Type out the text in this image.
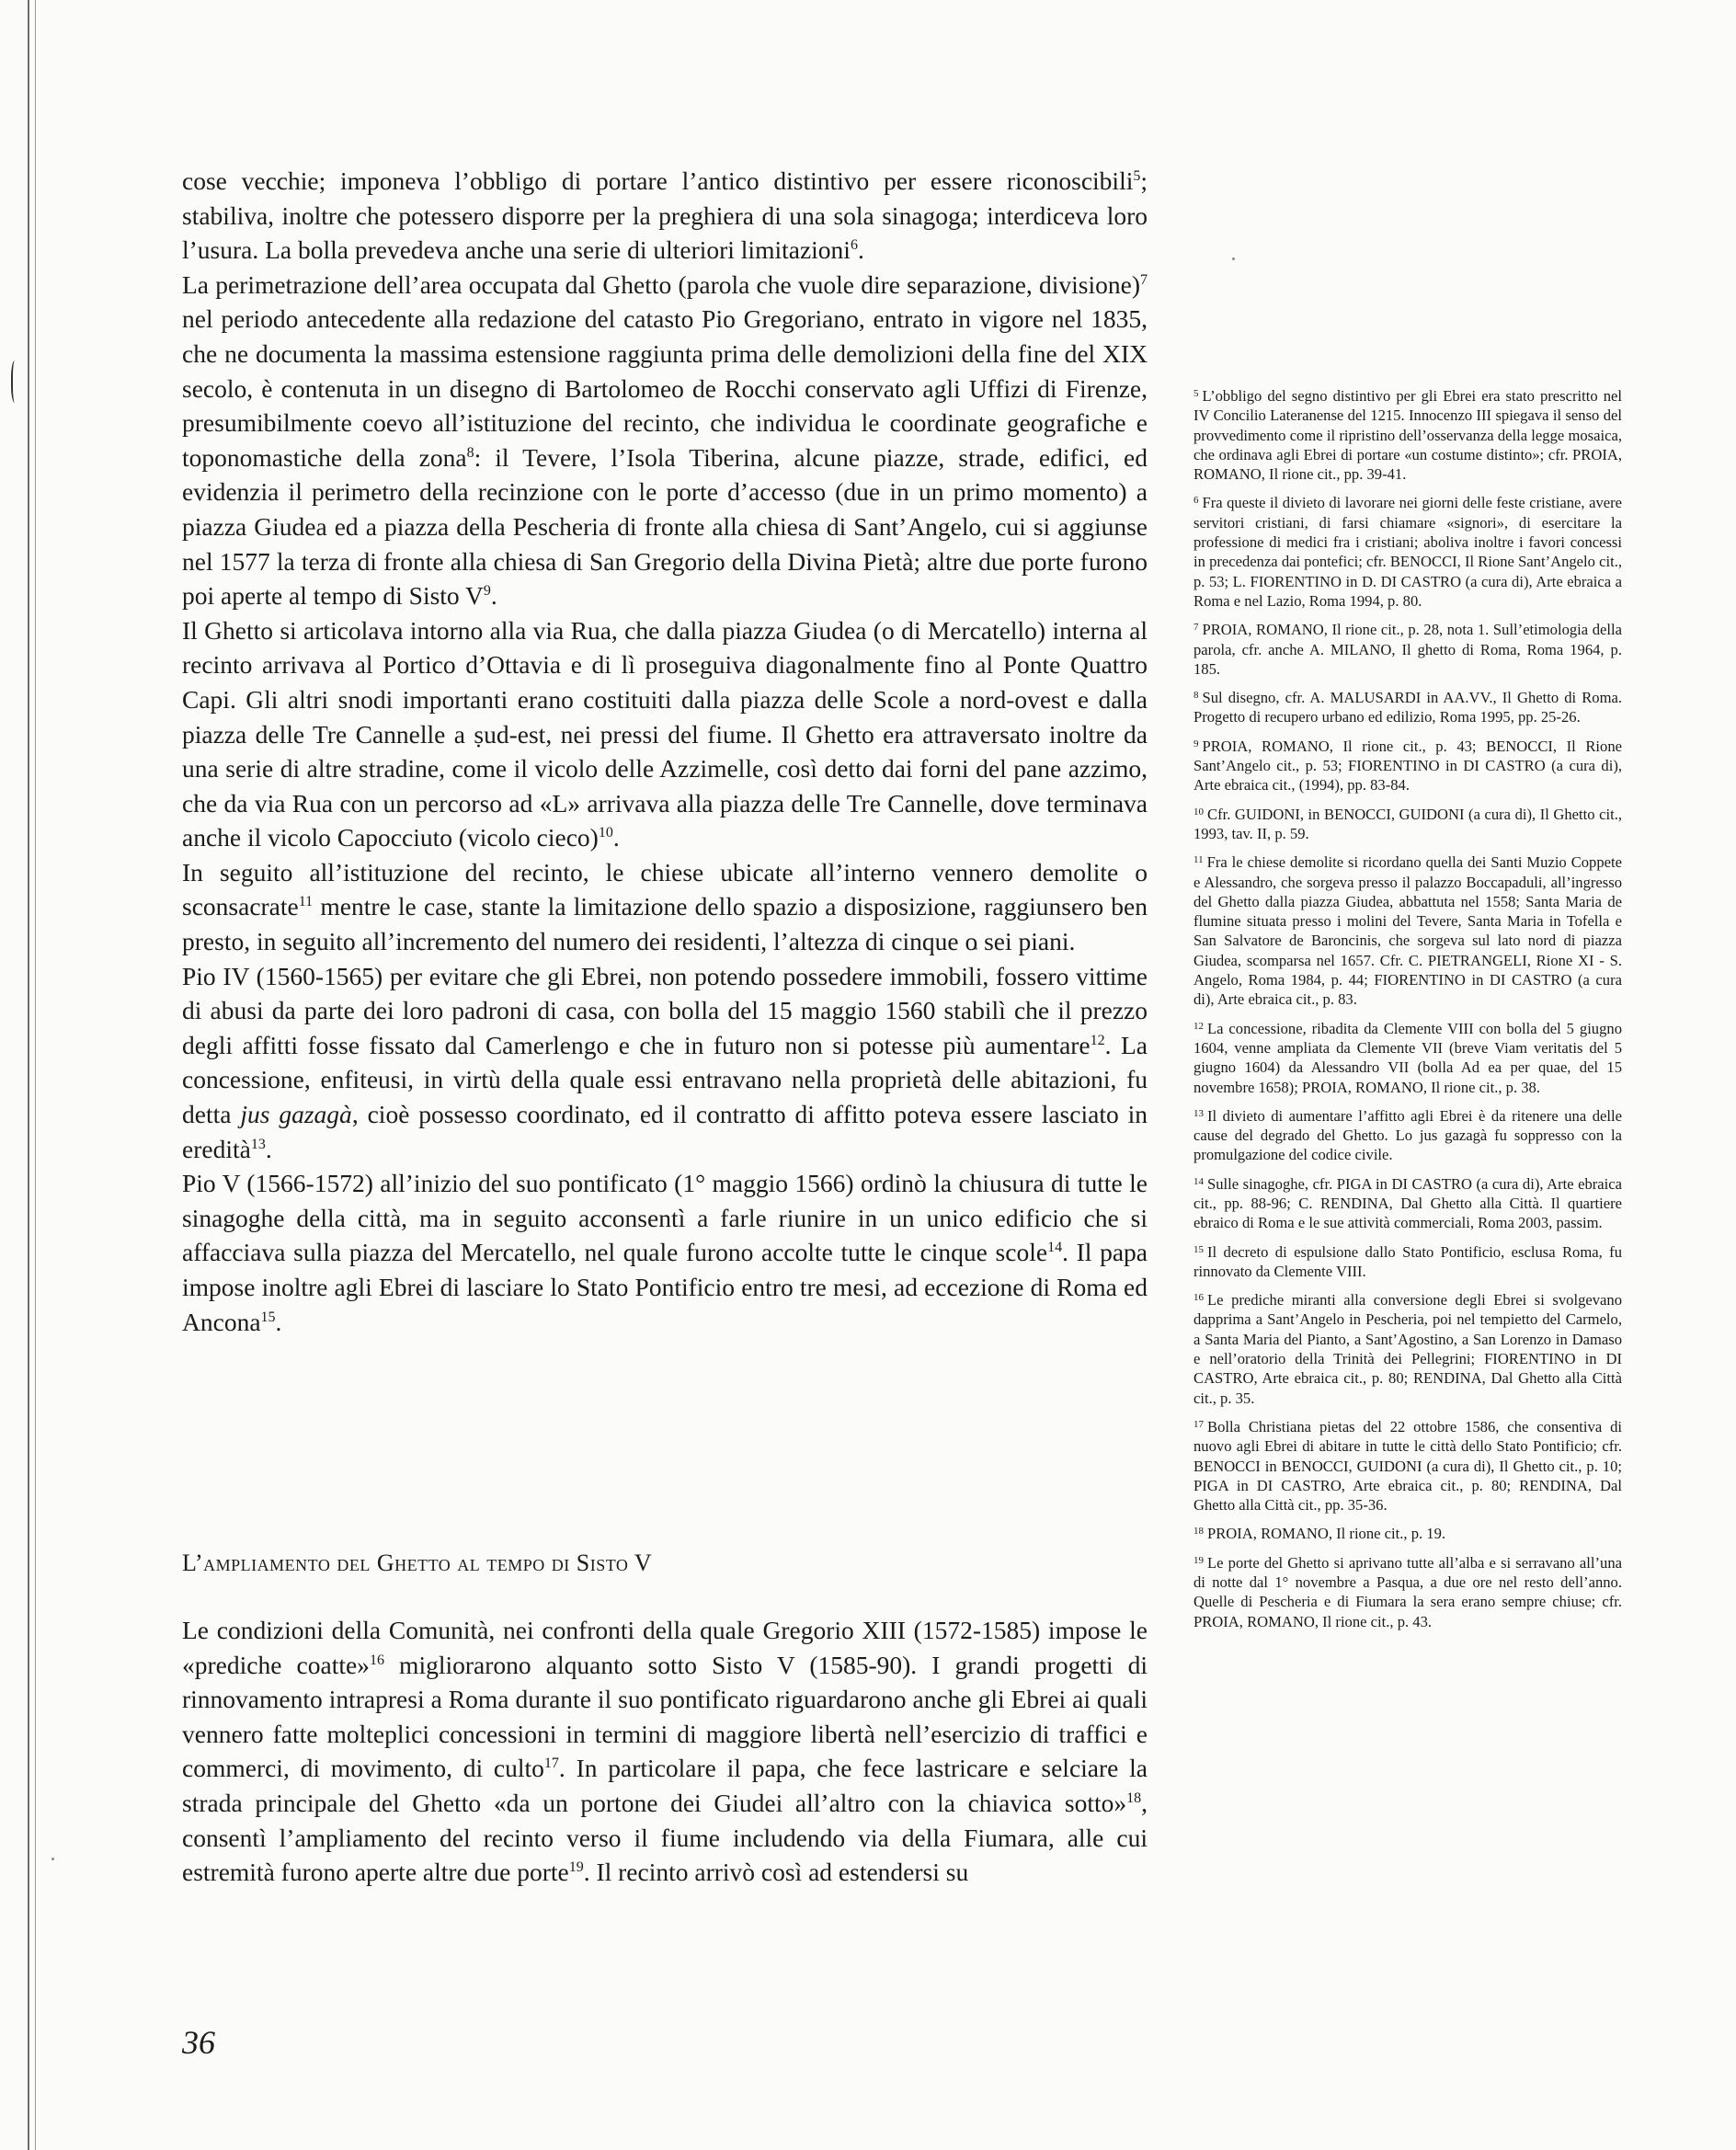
cose vecchie; imponeva l’obbligo di portare l’antico distintivo per essere riconoscibili$^5$; stabiliva, inoltre che potessero disporre per la preghiera di una sola sinagoga; interdiceva loro l’usura. La bolla prevedeva anche una serie di ulteriori limitazioni$^6$.

La perimetrazione dell’area occupata dal Ghetto (parola che vuole dire separazione, divisione)$^7$ nel periodo antecedente alla redazione del catasto Pio Gregoriano, entrato in vigore nel 1835, che ne documenta la massima estensione raggiunta prima delle demolizioni della fine del XIX secolo, è contenuta in un disegno di Bartolomeo de Rocchi conservato agli Uffizi di Firenze, presumibilmente coevo all’istituzione del recinto, che individua le coordinate geografiche e toponomastiche della zona$^8$: il Tevere, l’Isola Tiberina, alcune piazze, strade, edifici, ed evidenzia il perimetro della recinzione con le porte d’accesso (due in un primo momento) a piazza Giudea ed a piazza della Pescheria di fronte alla chiesa di Sant’Angelo, cui si aggiunse nel 1577 la terza di fronte alla chiesa di San Gregorio della Divina Pietà; altre due porte furono poi aperte al tempo di Sisto $V^9$.

Il Ghetto si articolava intorno alla via Rua, che dalla piazza Giudea (o di Mercatello) interna al recinto arrivava al Portico d’Ottavia e di lì proseguiva diagonalmente fino al Ponte Quattro Capi. Gli altri snodi importanti erano costituiti dalla piazza delle Scole a nord-ovest e dalla piazza delle Tre Cannelle a ṣud-est, nei pressi del fiume. Il Ghetto era attraversato inoltre da una serie di altre stradine, come il vicolo delle Azzimelle, così detto dai forni del pane azzimo, che da via Rua con un percorso ad «L» arrivava alla piazza delle Tre Cannelle, dove terminava anche il vicolo Capocciuto (vicolo cieco)$^{10}$.

In seguito all’istituzione del recinto, le chiese ubicate all’interno vennero demolite o sconsacrate$^{11}$ mentre le case, stante la limitazione dello spazio a disposizione, raggiunsero ben presto, in seguito all’incremento del numero dei residenti, l’altezza di cinque o sei piani.

Pio IV (1560-1565) per evitare che gli Ebrei, non potendo possedere immobili, fossero vittime di abusi da parte dei loro padroni di casa, con bolla del 15 maggio 1560 stabilì che il prezzo degli affitti fosse fissato dal Camerlengo e che in futuro non si potesse più aumentare$^{12}$. La concessione, enfiteusi, in virtù della quale essi entravano nella proprietà delle abitazioni, fu detta jus gazagà, cioè possesso coordinato, ed il contratto di affitto poteva essere lasciato in eredità$^{13}$.

Pio V (1566-1572) all’inizio del suo pontificato (1° maggio 1566) ordinò la chiusura di tutte le sinagoghe della città, ma in seguito acconsentì a farle riunire in un unico edificio che si affacciava sulla piazza del Mercatello, nel quale furono accolte tutte le cinque scole$^{14}$. Il papa impose inoltre agli Ebrei di lasciare lo Stato Pontificio entro tre mesi, ad eccezione di Roma ed Ancona$^{15}$.

L’ampliamento del Ghetto al tempo di Sisto V

Le condizioni della Comunità, nei confronti della quale Gregorio XIII (1572-1585) impose le «prediche coatte»$^{16}$ migliorarono alquanto sotto Sisto V (1585-90). I grandi progetti di rinnovamento intrapresi a Roma durante il suo pontificato riguardarono anche gli Ebrei ai quali vennero fatte molteplici concessioni in termini di maggiore libertà nell’esercizio di traffici e commerci, di movimento, di culto$^{17}$. In particolare il papa, che fece lastricare e selciare la strada principale del Ghetto «da un portone dei Giudei all’altro con la chiavica sotto»$^{18}$, consentì l’ampliamento del recinto verso il fiume includendo via della Fiumara, alle cui estremità furono aperte altre due porte$^{19}$. Il recinto arrivò così ad estendersi su

36

$^5$ L’obbligo del segno distintivo per gli Ebrei era stato prescritto nel IV Concilio Lateranense del 1215. Innocenzo III spiegava il senso del provvedimento come il ripristino dell’osservanza della legge mosaica, che ordinava agli Ebrei di portare «un costume distinto»; cfr. PROIA, ROMANO, Il rione cit., pp. 39-41.

$^6$ Fra queste il divieto di lavorare nei giorni delle feste cristiane, avere servitori cristiani, di farsi chiamare «signori», di esercitare la professione di medici fra i cristiani; aboliva inoltre i favori concessi in precedenza dai pontefici; cfr. BENOCCI, Il Rione Sant’Angelo cit., p. 53; L. FIORENTINO in D. DI CASTRO (a cura di), Arte ebraica a Roma e nel Lazio, Roma 1994, p. 80.

$^7$ PROIA, ROMANO, Il rione cit., p. 28, nota 1. Sull’etimologia della parola, cfr. anche A. MILANO, Il ghetto di Roma, Roma 1964, p. 185.

$^8$ Sul disegno, cfr. A. MALUSARDI in AA.VV., Il Ghetto di Roma. Progetto di recupero urbano ed edilizio, Roma 1995, pp. 25-26.

$^9$ PROIA, ROMANO, Il rione cit., p. 43; BENOCCI, Il Rione Sant’Angelo cit., p. 53; FIORENTINO in DI CASTRO (a cura di), Arte ebraica cit., (1994), pp. 83-84.

$^{10}$ Cfr. GUIDONI, in BENOCCI, GUIDONI (a cura di), Il Ghetto cit., 1993, tav. II, p. 59.

$^{11}$ Fra le chiese demolite si ricordano quella dei Santi Muzio Coppete e Alessandro, che sorgeva presso il palazzo Boccapaduli, all’ingresso del Ghetto dalla piazza Giudea, abbattuta nel 1558; Santa Maria de flumine situata presso i molini del Tevere, Santa Maria in Tofella e San Salvatore de Baroncinis, che sorgeva sul lato nord di piazza Giudea, scomparsa nel 1657. Cfr. C. PIETRANGELI, Rione XI - S. Angelo, Roma 1984, p. 44; FIORENTINO in DI CASTRO (a cura di), Arte ebraica cit., p. 83.

$^{12}$ La concessione, ribadita da Clemente VIII con bolla del 5 giugno 1604, venne ampliata da Clemente VII (breve Viam veritatis del 5 giugno 1604) da Alessandro VII (bolla Ad ea per quae, del 15 novembre 1658); PROIA, ROMANO, Il rione cit., p. 38.

$^{13}$ Il divieto di aumentare l’affitto agli Ebrei è da ritenere una delle cause del degrado del Ghetto. Lo jus gazagà fu soppresso con la promulgazione del codice civile.

$^{14}$ Sulle sinagoghe, cfr. PIGA in DI CASTRO (a cura di), Arte ebraica cit., pp. 88-96; C. RENDINA, Dal Ghetto alla Città. Il quartiere ebraico di Roma e le sue attività commerciali, Roma 2003, passim.

$^{15}$ Il decreto di espulsione dallo Stato Pontificio, esclusa Roma, fu rinnovato da Clemente VIII.

$^{16}$ Le prediche miranti alla conversione degli Ebrei si svolgevano dapprima a Sant’Angelo in Pescheria, poi nel tempietto del Carmelo, a Santa Maria del Pianto, a Sant’Agostino, a San Lorenzo in Damaso e nell’oratorio della Trinità dei Pellegrini; FIORENTINO in DI CASTRO, Arte ebraica cit., p. 80; RENDINA, Dal Ghetto alla Città cit., p. 35.

$^{17}$ Bolla Christiana pietas del 22 ottobre 1586, che consentiva di nuovo agli Ebrei di abitare in tutte le città dello Stato Pontificio; cfr. BENOCCI in BENOCCI, GUIDONI (a cura di), Il Ghetto cit., p. 10; PIGA in DI CASTRO, Arte ebraica cit., p. 80; RENDINA, Dal Ghetto alla Città cit., pp. 35-36.

$^{18}$ PROIA, ROMANO, Il rione cit., p. 19.

$^{19}$ Le porte del Ghetto si aprivano tutte all’alba e si serravano all’una di notte dal 1° novembre a Pasqua, a due ore nel resto dell’anno. Quelle di Pescheria e di Fiumara la sera erano sempre chiuse; cfr. PROIA, ROMANO, Il rione cit., p. 43.
